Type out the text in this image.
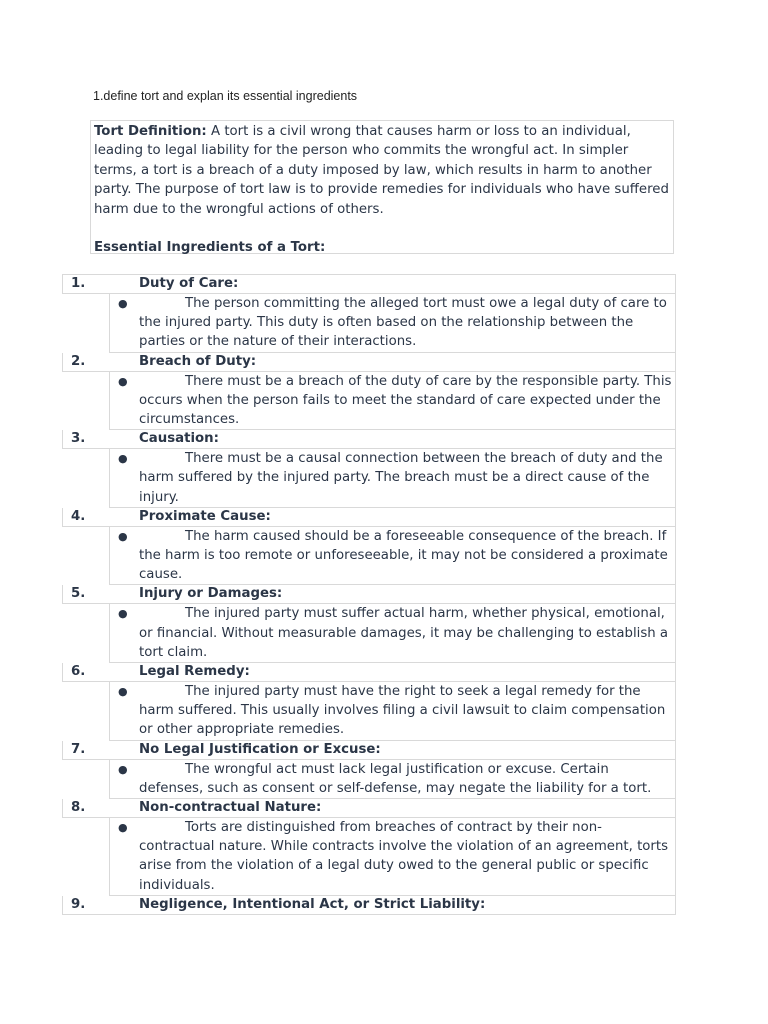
1.define tort and explan its essential ingredients

Tort Definition: A tort is a civil wrong that causes harm or loss to an individual, leading to legal liability for the person who commits the wrongful act. In simpler terms, a tort is a breach of a duty imposed by law, which results in harm to another party. The purpose of tort law is to provide remedies for individuals who have suffered harm due to the wrongful actions of others.

Essential Ingredients of a Tort:

1.	Duty of Care:
●	The person committing the alleged tort must owe a legal duty of care to the injured party. This duty is often based on the relationship between the parties or the nature of their interactions.
2.	Breach of Duty:
●	There must be a breach of the duty of care by the responsible party. This occurs when the person fails to meet the standard of care expected under the circumstances.
3.	Causation:
●	There must be a causal connection between the breach of duty and the harm suffered by the injured party. The breach must be a direct cause of the injury.
4.	Proximate Cause:
●	The harm caused should be a foreseeable consequence of the breach. If the harm is too remote or unforeseeable, it may not be considered a proximate cause.
5.	Injury or Damages:
●	The injured party must suffer actual harm, whether physical, emotional, or financial. Without measurable damages, it may be challenging to establish a tort claim.
6.	Legal Remedy:
●	The injured party must have the right to seek a legal remedy for the harm suffered. This usually involves filing a civil lawsuit to claim compensation or other appropriate remedies.
7.	No Legal Justification or Excuse:
●	The wrongful act must lack legal justification or excuse. Certain defenses, such as consent or self-defense, may negate the liability for a tort.
8.	Non-contractual Nature:
●	Torts are distinguished from breaches of contract by their non-contractual nature. While contracts involve the violation of an agreement, torts arise from the violation of a legal duty owed to the general public or specific individuals.
9.	Negligence, Intentional Act, or Strict Liability:
